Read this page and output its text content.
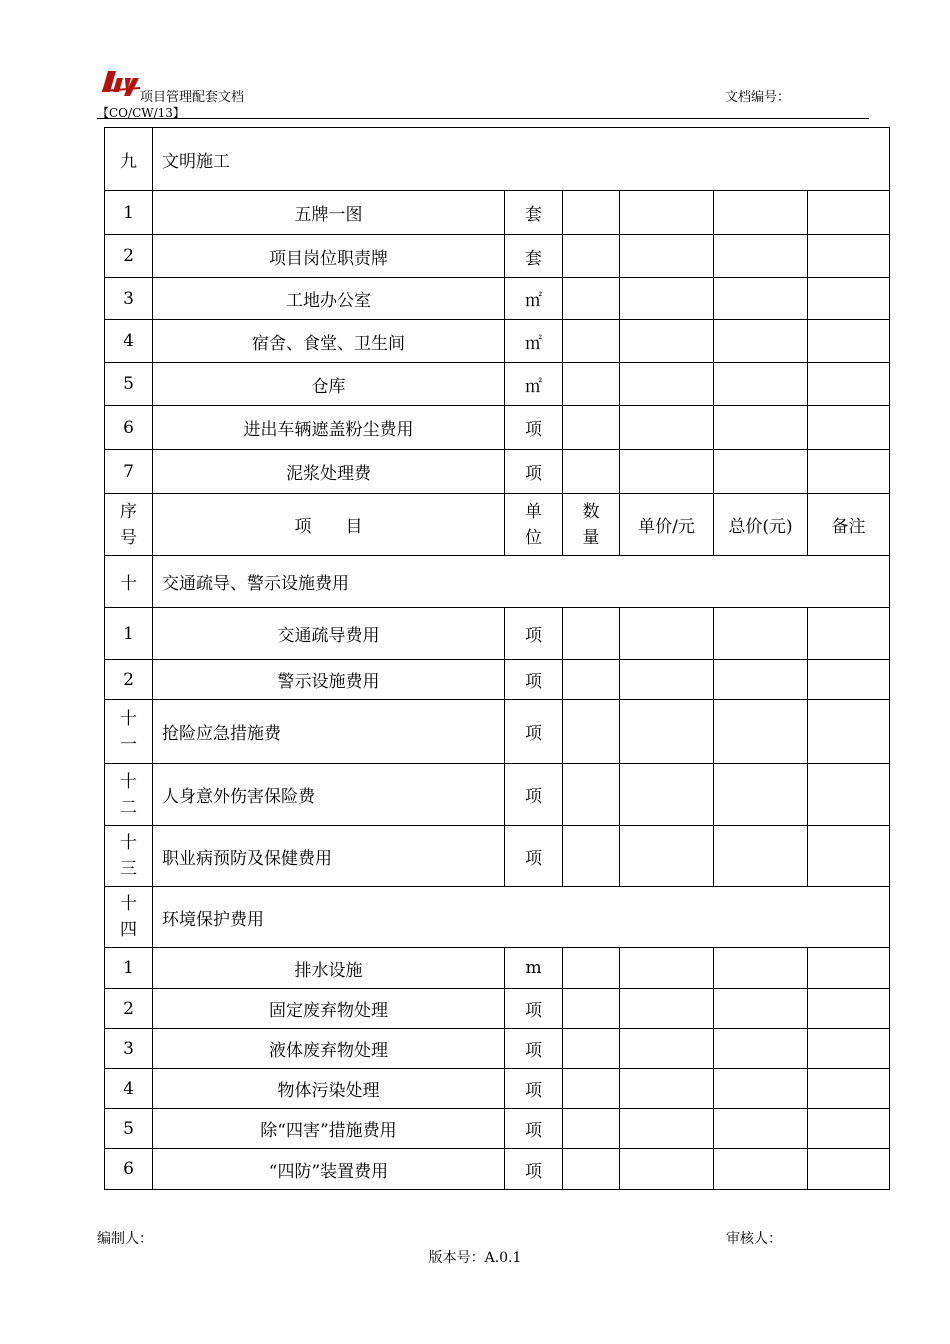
项目管理配套文档	文档编号：
【CO/CW/13】
九	文明施工					
1	五牌一图	套				
2	项目岗位职责牌	套				
3	工地办公室	㎡				
4	宿舍、食堂、卫生间	㎡				
5	仓库	㎡				
6	进出车辆遮盖粉尘费用	项				
7	泥浆处理费	项				
序号	项　　目	单位	数量	单价/元	总价(元)	备注
十	交通疏导、警示设施费用					
1	交通疏导费用	项				
2	警示设施费用	项				
十一	抢险应急措施费	项				
十二	人身意外伤害保险费	项				
十三	职业病预防及保健费用	项				
十四	环境保护费用					
1	排水设施	m				
2	固定废弃物处理	项				
3	液体废弃物处理	项				
4	物体污染处理	项				
5	除“四害”措施费用	项				
6	“四防”装置费用	项				
编制人：	审核人：
版本号：A.0.1
